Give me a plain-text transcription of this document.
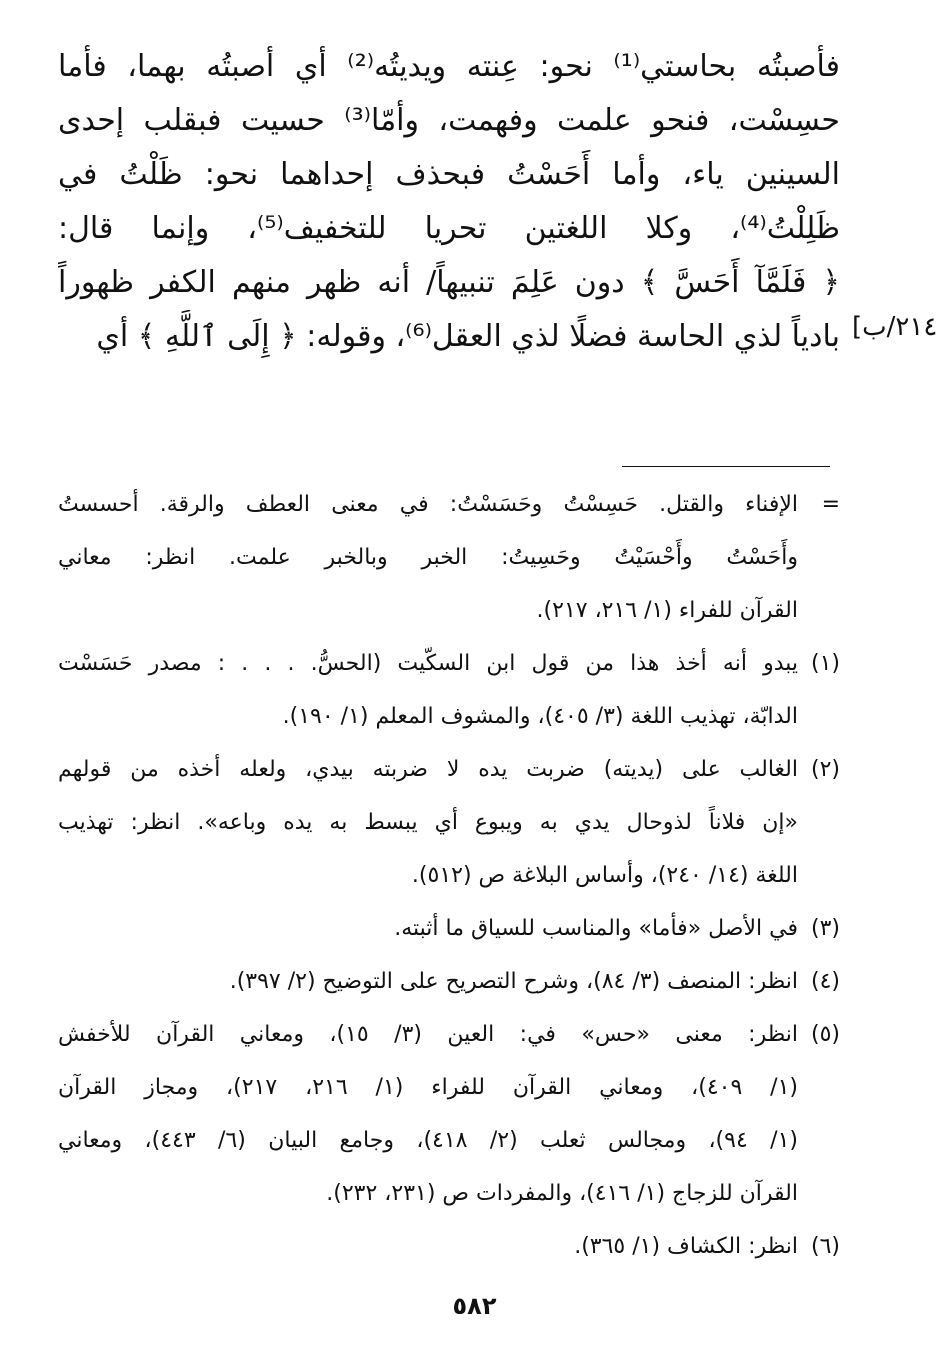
فأصبتُه بحاستي⁽¹⁾ نحو: عِنته ويديتُه⁽²⁾ أي أصبتُه بهما، فأما
حسِسْت، فنحو علمت وفهمت، وأمّا⁽³⁾ حسيت فبقلب إحدى
السينين ياء، وأما أَحَسْتُ فبحذف إحداهما نحو: ظَلْتُ في
ظَلِلْتُ⁽⁴⁾، وكلا اللغتين تحريا للتخفيف⁽⁵⁾، وإنما قال:
﴿ فَلَمَّآ أَحَسَّ ﴾ دون عَلِمَ تنبيهاً/ أنه ظهر منهم الكفر ظهوراً
بادياً لذي الحاسة فضلًا لذي العقل⁽⁶⁾، وقوله: ﴿ إِلَى ٱللَّهِ ﴾ أي ٢١٤/ب]
=
الإفناء والقتل. حَسِسْتُ وحَسَسْتُ: في معنى العطف والرقة. أحسستُ
وأَحَسْتُ وأَحْسَيْتُ وحَسِيتُ: الخبر وبالخبر علمت. انظر: معاني
القرآن للفراء (١/ ٢١٦، ٢١٧).
(١)
يبدو أنه أخذ هذا من قول ابن السكّيت (الحسُّ. . . . : مصدر حَسَسْت
الدابّة، تهذيب اللغة (٣/ ٤٠٥)، والمشوف المعلم (١/ ١٩٠).
(٢)
الغالب على (يديته) ضربت يده لا ضربته بيدي، ولعله أخذه من قولهم
«إن فلاناً لذوحال يدي به ويبوع أي يبسط به يده وباعه». انظر: تهذيب
اللغة (١٤/ ٢٤٠)، وأساس البلاغة ص (٥١٢).
(٣)
في الأصل «فأما» والمناسب للسياق ما أثبته.
(٤)
انظر: المنصف (٣/ ٨٤)، وشرح التصريح على التوضيح (٢/ ٣٩٧).
(٥)
انظر: معنى «حس» في: العين (٣/ ١٥)، ومعاني القرآن للأخفش
(١/ ٤٠٩)، ومعاني القرآن للفراء (١/ ٢١٦، ٢١٧)، ومجاز القرآن
(١/ ٩٤)، ومجالس ثعلب (٢/ ٤١٨)، وجامع البيان (٦/ ٤٤٣)، ومعاني
القرآن للزجاج (١/ ٤١٦)، والمفردات ص (٢٣١، ٢٣٢).
(٦)
انظر: الكشاف (١/ ٣٦٥).
٥٨٢
